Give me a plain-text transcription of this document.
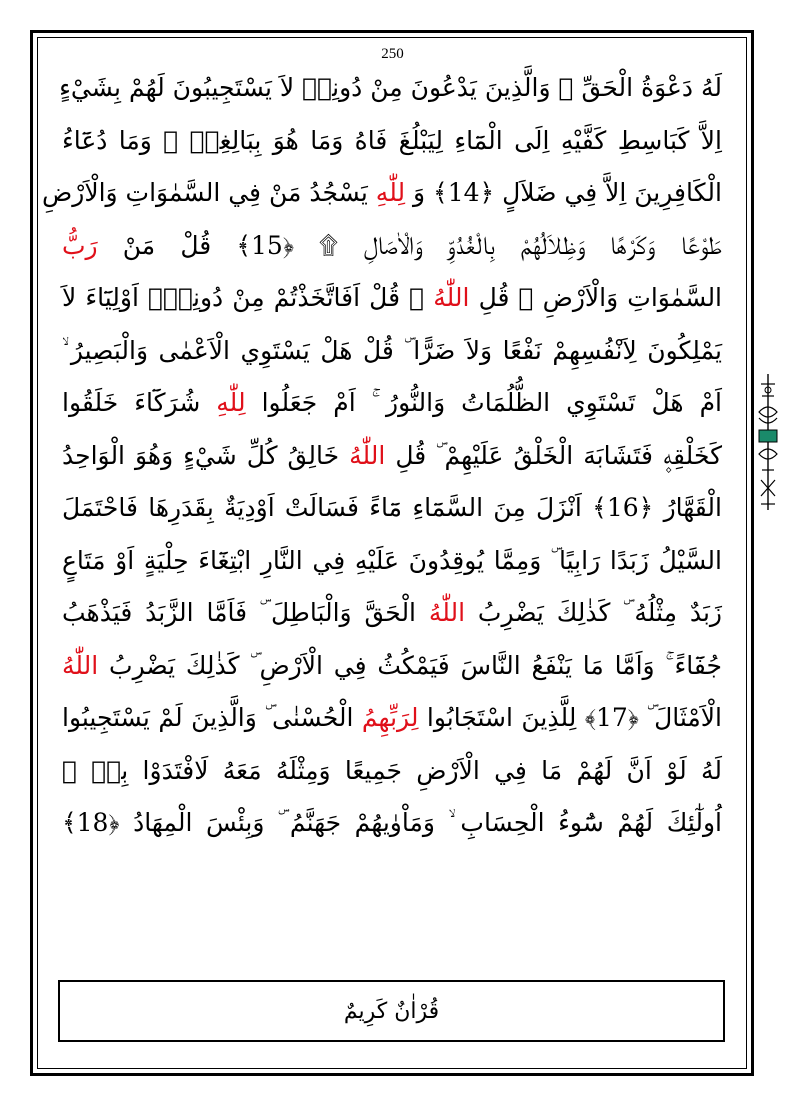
250
لَهُ دَعْوَةُ الْحَقِّ ۜ وَالَّذِينَ يَدْعُونَ مِنْ دُونِه۪ لاَ يَسْتَجِيبُونَ لَهُمْ بِشَيْءٍ
اِلاَّ كَبَاسِطِ كَفَّيْهِ اِلَى الْمَٓاءِ لِيَبْلُغَ فَاهُ وَمَا هُوَ بِبَالِغِه۪ ۜ وَمَا دُعَٓاءُ
الْكَافِرِينَ اِلاَّ فِي ضَلاَلٍ ﴿14﴾ وَ لِلّٰهِ يَسْجُدُ مَنْ فِي السَّمٰوَاتِ وَالْاَرْضِ
طَوْعًا وَكَرْهًا وَظِلاَلُهُمْ بِالْغُدُوِّ وَالْاٰصَالِ ۩ ﴿15﴾ قُلْ مَنْ رَبُّ
السَّمٰوَاتِ وَالْاَرْضِ ۜ قُلِ اللّٰهُ ۜ قُلْ اَفَاتَّخَذْتُمْ مِنْ دُونِه۪ٓ اَوْلِيَٓاءَ لاَ
يَمْلِكُونَ لِاَنْفُسِهِمْ نَفْعًا وَلاَ ضَرًّا ۜ قُلْ هَلْ يَسْتَوِي الْاَعْمٰى وَالْبَصِيرُ ۙ
اَمْ هَلْ تَسْتَوِي الظُّلُمَاتُ وَالنُّورُ ۚ اَمْ جَعَلُوا لِلّٰهِ شُرَكَٓاءَ خَلَقُوا
كَخَلْقِه۪ فَتَشَابَهَ الْخَلْقُ عَلَيْهِمْ ۜ قُلِ اللّٰهُ خَالِقُ كُلِّ شَيْءٍ وَهُوَ الْوَاحِدُ
الْقَهَّارُ ﴿16﴾ اَنْزَلَ مِنَ السَّمَٓاءِ مَٓاءً فَسَالَتْ اَوْدِيَةٌ بِقَدَرِهَا فَاحْتَمَلَ
السَّيْلُ زَبَدًا رَابِيًا ۜ وَمِمَّا يُوقِدُونَ عَلَيْهِ فِي النَّارِ ابْتِغَٓاءَ حِلْيَةٍ اَوْ مَتَاعٍ
زَبَدٌ مِثْلُهُ ۜ كَذٰلِكَ يَضْرِبُ اللّٰهُ الْحَقَّ وَالْبَاطِلَ ۜ فَاَمَّا الزَّبَدُ فَيَذْهَبُ
جُفَٓاءً ۚ وَاَمَّا مَا يَنْفَعُ النَّاسَ فَيَمْكُثُ فِي الْاَرْضِ ۜ كَذٰلِكَ يَضْرِبُ اللّٰهُ
الْاَمْثَالَ ۜ ﴿17﴾ لِلَّذِينَ اسْتَجَابُوا لِرَبِّهِمُ الْحُسْنٰى ۜ وَالَّذِينَ لَمْ يَسْتَجِيبُوا
لَهُ لَوْ اَنَّ لَهُمْ مَا فِي الْاَرْضِ جَمِيعًا وَمِثْلَهُ مَعَهُ لَافْتَدَوْا بِه۪ ۜ
اُولٰٓئِكَ لَهُمْ سُٓوءُ الْحِسَابِ ۙ وَمَاْوٰيهُمْ جَهَنَّمُ ۜ وَبِئْسَ الْمِهَادُ ﴿18﴾
قُرْاٰنٌ كَرِيمٌ
